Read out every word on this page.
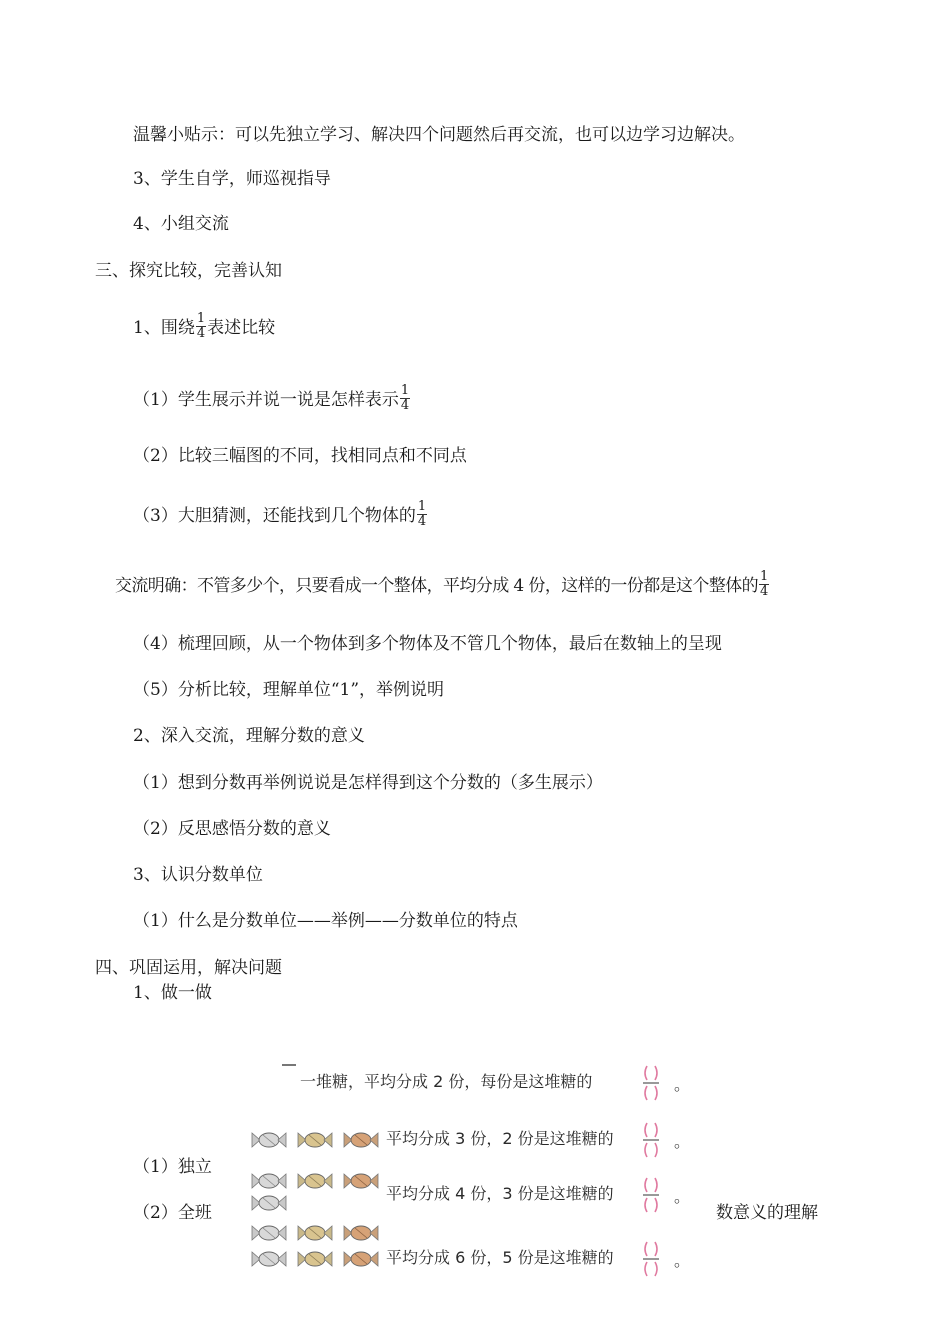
温馨小贴示：可以先独立学习、解决四个问题然后再交流，也可以边学习边解决。
3、学生自学，师巡视指导
4、小组交流
三、探究比较，完善认知
1、围绕 $\frac{1}{4}$ 表述比较
（1）学生展示并说一说是怎样表示 $\frac{1}{4}$
（2）比较三幅图的不同，找相同点和不同点
（3）大胆猜测，还能找到几个物体的 $\frac{1}{4}$
交流明确：不管多少个，只要看成一个整体，平均分成 4 份，这样的一份都是这个整体的 $\frac{1}{4}$
（4）梳理回顾，从一个物体到多个物体及不管几个物体，最后在数轴上的呈现
（5）分析比较，理解单位“1”，举例说明
2、深入交流，理解分数的意义
（1）想到分数再举例说说是怎样得到这个分数的（多生展示）
（2）反思感悟分数的意义
3、认识分数单位
（1）什么是分数单位——举例——分数单位的特点
四、巩固运用，解决问题
1、做一做
（1）独立
（2）全班	数意义的理解
一堆糖，平均分成 2 份，每份是这堆糖的	。
平均分成 3 份，2 份是这堆糖的	。
平均分成 4 份，3 份是这堆糖的	。
平均分成 6 份，5 份是这堆糖的	。
